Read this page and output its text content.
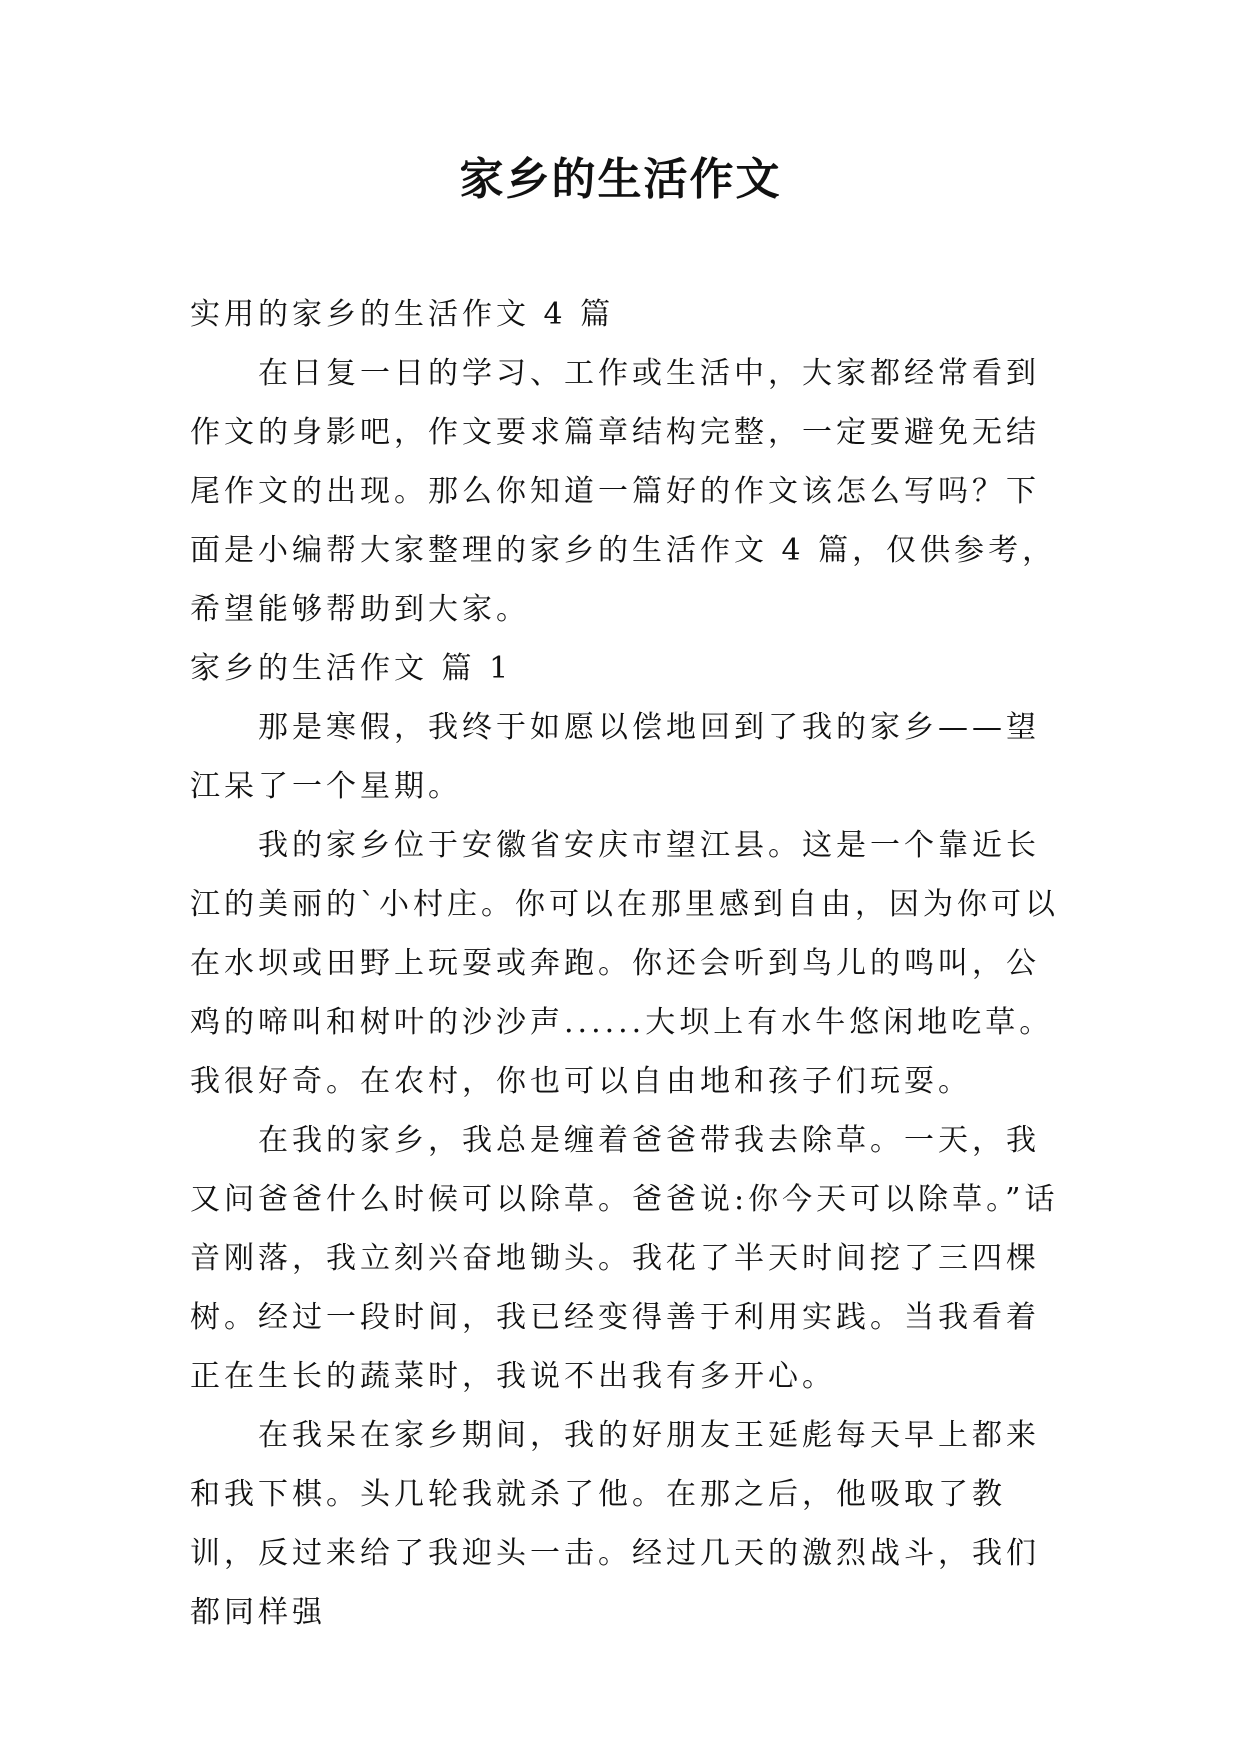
家乡的生活作文

实用的家乡的生活作文 4 篇

在日复一日的学习、工作或生活中，大家都经常看到作文的身影吧，作文要求篇章结构完整，一定要避免无结尾作文的出现。那么你知道一篇好的作文该怎么写吗？下面是小编帮大家整理的家乡的生活作文 4 篇，仅供参考，希望能够帮助到大家。

家乡的生活作文 篇 1

那是寒假，我终于如愿以偿地回到了我的家乡——望江呆了一个星期。

我的家乡位于安徽省安庆市望江县。这是一个靠近长江的美丽的`小村庄。你可以在那里感到自由，因为你可以在水坝或田野上玩耍或奔跑。你还会听到鸟儿的鸣叫，公鸡的啼叫和树叶的沙沙声......大坝上有水牛悠闲地吃草。我很好奇。在农村，你也可以自由地和孩子们玩耍。

在我的家乡，我总是缠着爸爸带我去除草。一天，我又问爸爸什么时候可以除草。爸爸说:你今天可以除草。”话音刚落，我立刻兴奋地锄头。我花了半天时间挖了三四棵树。经过一段时间，我已经变得善于利用实践。当我看着正在生长的蔬菜时，我说不出我有多开心。

在我呆在家乡期间，我的好朋友王延彪每天早上都来和我下棋。头几轮我就杀了他。在那之后，他吸取了教训，反过来给了我迎头一击。经过几天的激烈战斗，我们都同样强
